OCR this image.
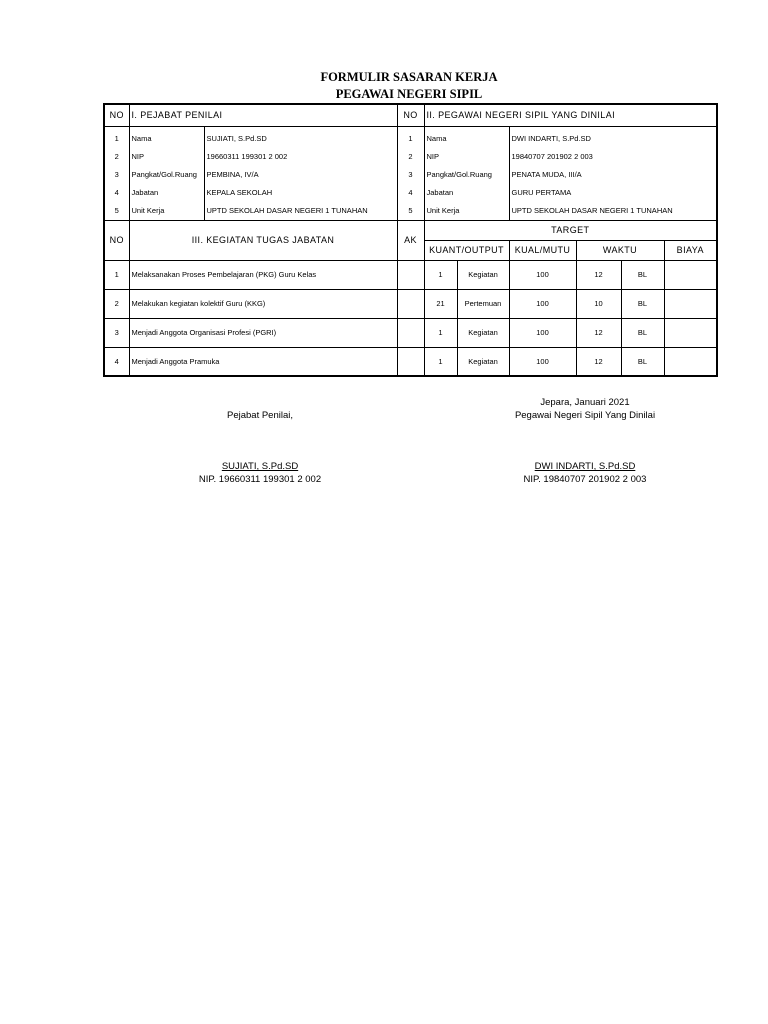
FORMULIR SASARAN KERJA
PEGAWAI NEGERI SIPIL
NO	I. PEJABAT PENILAI		NO	II. PEGAWAI NEGERI SIPIL YANG DINILAI					
1	Nama	SUJIATI, S.Pd.SD	1	Nama		DWI INDARTI, S.Pd.SD			
2	NIP	19660311 199301 2 002	2	NIP		19840707 201902 2 003			
3	Pangkat/Gol.Ruang	PEMBINA, IV/A	3	Pangkat/Gol.Ruang		PENATA MUDA, III/A			
4	Jabatan	KEPALA SEKOLAH	4	Jabatan		GURU PERTAMA			
5	Unit Kerja	UPTD SEKOLAH DASAR NEGERI 1 TUNAHAN	5	Unit Kerja		UPTD SEKOLAH DASAR NEGERI 1 TUNAHAN			
NO	III. KEGIATAN TUGAS JABATAN		AK	TARGET					
				KUANT/OUTPUT		KUAL/MUTU	WAKTU		BIAYA
1	Melaksanakan Proses Pembelajaran (PKG) Guru Kelas			1	Kegiatan	100	12	BL	
2	Melakukan kegiatan kolektif Guru (KKG)			21	Pertemuan	100	10	BL	
3	Menjadi Anggota Organisasi Profesi (PGRI)			1	Kegiatan	100	12	BL	
4	Menjadi Anggota Pramuka			1	Kegiatan	100	12	BL	
Jepara, Januari 2021
Pejabat Penilai,	Pegawai Negeri Sipil Yang Dinilai
SUJIATI, S.Pd.SD
NIP. 19660311 199301 2 002
DWI INDARTI, S.Pd.SD
NIP. 19840707 201902 2 003
